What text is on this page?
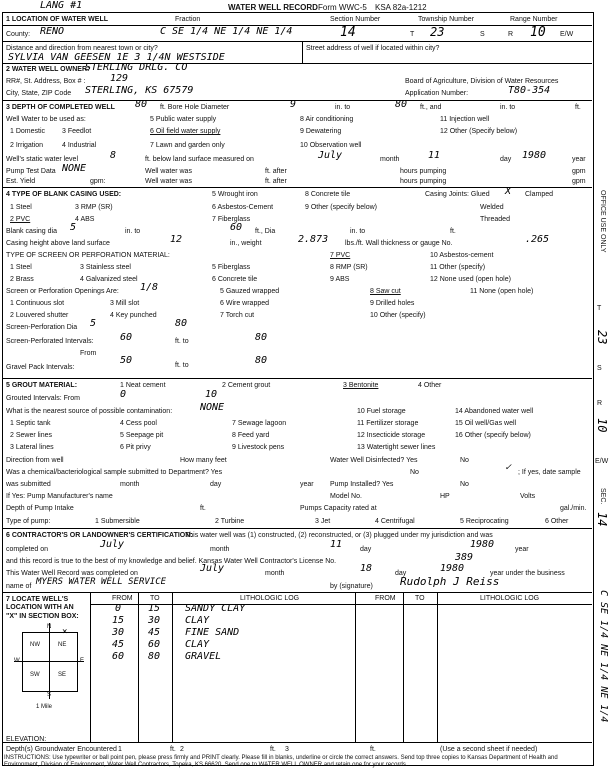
LANG #1	WATER WELL RECORD Form WWC-5 KSA 82a-1212
1 LOCATION OF WATER WELL	Fraction	Section Number	Township Number	Range Number
County: RENO	C SE 1/4 NE 1/4 NE 1/4	14	T 23	S	R 10 E/W
Distance and direction from nearest town or city?	Street address of well if located within city?
SYLVIA VAN GEESEN 1E 3 1/4N WESTSIDE
2 WATER WELL OWNER:
STERLING DRLG. CO
RR#, St. Address, Box # : 129
City, State, ZIP Code STERLING, KS 67579
Board of Agriculture, Division of Water Resources
Application Number:	T80-354
3 DEPTH OF COMPLETED WELL 80 ft. Bore Hole Diameter	9	in. to	80 ft., and	in. to	ft.
Well Water to be used as:
1 Domestic 3 Feedlot
5 Public water supply	8 Air conditioning	11 Injection well
2 Irrigation	4 Industrial
6 Oil field water supply	9 Dewatering	12 Other (Specify below)
7 Lawn and garden only	10 Observation well
Well's static water level	8	ft. below land surface measured on	July	month	11	day 1980	year
Pump Test Data NONE	Well water was	ft. after	hours pumping	gpm
Est. Yield	gpm:	Well water was	ft. after	hours pumping	gpm
4 TYPE OF BLANK CASING USED:
1 Steel	3 RMP (SR)
5 Wrought iron	8 Concrete tile
9 Other (specify below)
2 PVC	4 ABS
6 Asbestos-Cement
7 Fiberglass
Casing Joints: Glued X Clamped
Welded
Threaded
Blank casing dia 5	in. to	60 ft., Dia	in. to	ft.
Casing height above land surface	12	in., weight	2.873 lbs./ft. Wall thickness or gauge No.	.265
TYPE OF SCREEN OR PERFORATION MATERIAL:
1 Steel	3 Stainless steel	5 Fiberglass
7 PVC	10 Asbestos-cement
2 Brass	4 Galvanized steel	6 Concrete tile
8 RMP (SR)	11 Other (specify)
9 ABS	12 None used (open hole)
Screen or Perforation Openings Are: 1/8
1 Continuous slot	3 Mill slot
5 Gauzed wrapped	8 Saw cut	11 None (open hole)
2 Louvered shutter	4 Key punched
6 Wire wrapped	9 Drilled holes
7 Torch cut	10 Other (specify)
Screen-Perforation Dia 5	80
Screen-Perforated Intervals:
From
60	ft. to	80
Gravel Pack Intervals:
50	ft. to	80
5 GROUT MATERIAL:	1 Neat cement	2 Cement grout	3 Bentonite	4 Other
Grouted Intervals: From	0	10
What is the nearest source of possible contamination:	NONE
1 Septic tank	4 Cess pool	7 Sewage lagoon
10 Fuel storage	14 Abandoned water well
2 Sewer lines	5 Seepage pit	8 Feed yard
11 Fertilizer storage	15 Oil well/Gas well
3 Lateral lines	6 Pit privy	9 Livestock pens
12 Insecticide storage	16 Other (specify below)
13 Watertight sewer lines
Direction from well	How many feet	Water Well Disinfected? Yes	No
Was a chemical/bacteriological sample submitted to Department? Yes	No	✓ ; If yes, date sample
was submitted	month	day	year Pump Installed? Yes	No
If Yes: Pump Manufacturer's name	Model No.	HP	Volts
Depth of Pump Intake	ft.	Pumps Capacity rated at	gal./min.
Type of pump:	1 Submersible	2 Turbine	3 Jet	4 Centrifugal	5 Reciprocating	6 Other
6 CONTRACTOR'S OR LANDOWNER'S CERTIFICATION:
This water well was (1) constructed, (2) reconstructed, or (3) plugged under my jurisdiction and was
completed on	July	month	11	day	1980	year
and this record is true to the best of my knowledge and belief. Kansas Water Well Contractor's License No.	389
This Water Well Record was completed on	July	month	18	day	1980	year under the business
name of MYERS WATER WELL SERVICE	by (signature) Rudolph J Reiss
7 LOCATE WELL'S LOCATION WITH AN "X" IN SECTION BOX:
FROM TO	LITHOLOGIC LOG	FROM	TO	LITHOLOGIC LOG
0	15 SANDY CLAY
15 30 CLAY
30 45 FINE SAND
45 60 CLAY
60 80 GRAVEL
N
W	E
S
NW	NE
SW	SE
×
1 Mile
ELEVATION:
Depth(s) Groundwater Encountered 1	ft. 2	ft. 3	ft.	(Use a second sheet if needed)
INSTRUCTIONS: Use typewriter or ball point pen, please press firmly and PRINT clearly. Please fill in blanks, underline or circle the correct answers. Send top three copies to Kansas Department of Health and Environment, Division of Environment, Water Well Contractors, Topeka, KS 66620. Send one to WATER WELL OWNER and retain one for your records.
OFFICE USE ONLY
T
23
S
R
10
E/W
SEC.
14
C SE 1/4 NE 1/4 NE 1/4
